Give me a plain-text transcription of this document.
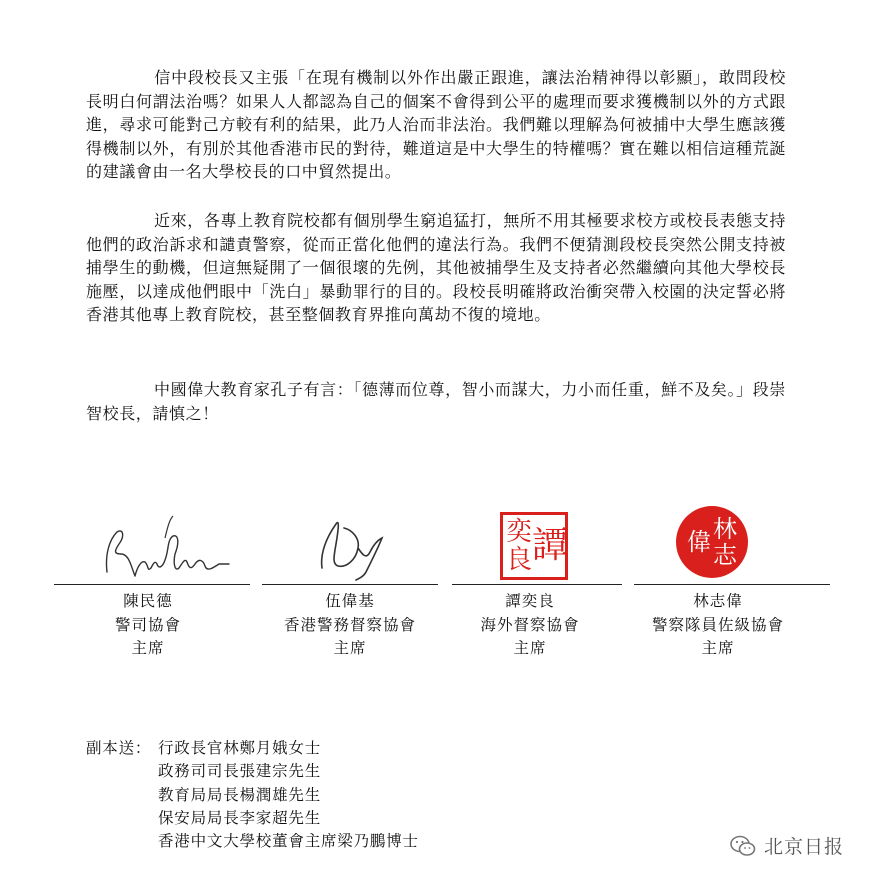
信中段校長又主張「在現有機制以外作出嚴正跟進，讓法治精神得以彰顯」，敢問段校長明白何謂法治嗎？如果人人都認為自己的個案不會得到公平的處理而要求獲機制以外的方式跟進，尋求可能對己方較有利的結果，此乃人治而非法治。我們難以理解為何被捕中大學生應該獲得機制以外，有別於其他香港市民的對待，難道這是中大學生的特權嗎？實在難以相信這種荒誕的建議會由一名大學校長的口中貿然提出。

近來，各專上教育院校都有個別學生窮追猛打，無所不用其極要求校方或校長表態支持他們的政治訴求和譴責警察，從而正當化他們的違法行為。我們不便猜測段校長突然公開支持被捕學生的動機，但這無疑開了一個很壞的先例，其他被捕學生及支持者必然繼續向其他大學校長施壓，以達成他們眼中「洗白」暴動罪行的目的。段校長明確將政治衝突帶入校園的決定誓必將香港其他專上教育院校，甚至整個教育界推向萬劫不復的境地。

中國偉大教育家孔子有言：「德薄而位尊，智小而謀大，力小而任重，鮮不及矣。」段崇智校長，請慎之！

奕
良 譚	偉 林
志
陳民德
警司協會
主席
伍偉基
香港警務督察協會
主席
譚奕良
海外督察協會
主席
林志偉
警察隊員佐級協會
主席
副本送： 行政長官林鄭月娥女士
政務司司長張建宗先生
教育局局長楊潤雄先生
保安局局長李家超先生
香港中文大學校董會主席梁乃鵬博士	北京日报
